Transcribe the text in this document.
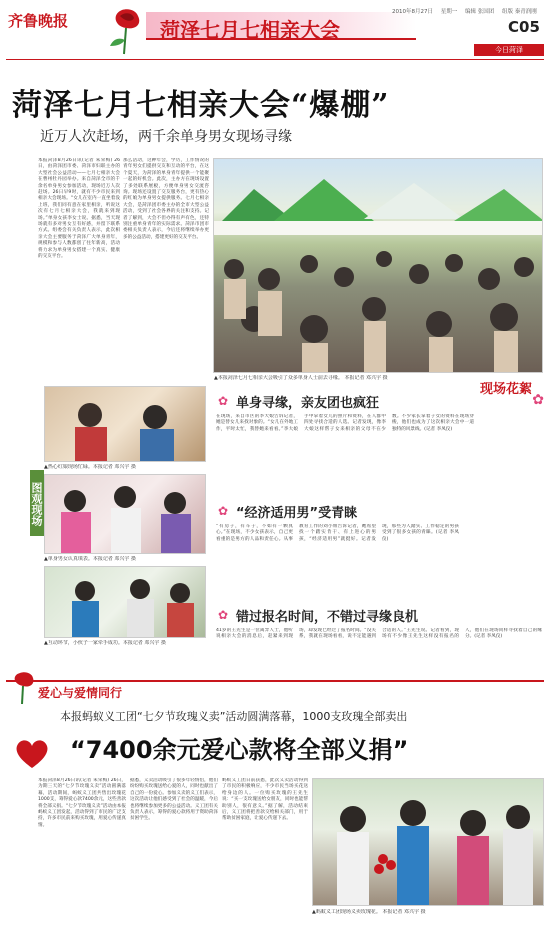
齐鲁晚报	菏泽七月七相亲大会
2010年8月27日 星期一 编辑 张国团 组版 秦青润刚
C05
今日菏泽
菏泽七月七相亲大会“爆棚”
近万人次赶场，两千余单身男女现场寻缘
本报菏泽8月26日讯(记者 朱荣梅) 26日，由菏泽团市委、菏泽市妇联主办的大型社会公益活动——七月七相亲大会在曹州牡丹园举办。来自菏泽全市的千余名单身男女参加活动，现场近万人次赶场。26日早9时，就有不少市民来到相亲大会现场。“女儿在室内一直坐着没上班，我们同有意在家里相亲，听说这次有七月七相亲大会，我就来到现场。”单身女孩李女士说。据悉，当天现场就有多对男女互有好感，并留下联系方式。组委会有关负责人表示，此次相亲大会主要服务于菏泽广大单身青年，规模和参与人数都创了往年新高，活动将力求为单身男女搭建一个真实、健康的交友平台。
那么活动，这种年会，学历，工作情况的青年男女们提供交友和互动的平台，在这个夏天，为菏泽的单身青年提供一个能聚一起的好机会。此次，主办方在现场设置了多处联系展板，方便单身男女交流咨询。现场还设置了交友服务台，更有热心的红娘为单身男女提供服务。七月七相亲大会，是菏泽团市委主办的全市大型公益活动，受到了社会各界的关注和支持。记者了解到，大会不但办得有声有色，还特别注重单身青年的实际需求。菏泽市团市委相关负责人表示，今后还将继续举办更多的公益活动，搭建更好的交友平台。
▲本报菏泽七月七相亲大会吸引了众多单身人士前去寻缘。 本报记者 邓兴宇 摄
▲热心红娘现场忙碌。本报记者 邓兴宇 摄
图观现场
▲单身男女认真填表。本报记者 邓兴宇 摄
▲互动环节，小伙子一家牵手成功。本报记者 邓兴宇 摄
现场花絮
✿
✿ 单身寻缘，亲友团也疯狂
在现场，来自市区的李大娘告诉记者，她是替女儿来找对象的。“女儿在外地工作，平时太忙，我替她来看看。”李大娘手中拿着女儿的照片和资料，在人群中四处寻找合适的人选。记者发现，像李大娘这样帮子女来相亲的父母不在少数。不少家长拿着子女的资料在现场穿梭，他们也成为了这次相亲大会中一道独特的风景线。(记者 李凤仪)
✿ “经济适用男”受青睐
“有房子，有车子，不如有一颗真心。”在现场，不少女孩表示，自己更看重的是男方的人品和责任心。从事教育工作的刘小姐告诉记者，她希望找一个踏实肯干、有上进心的男孩，“经济适用男”就挺好。记者发现，那些为人踏实、工作稳定的男孩受到了很多女孩的青睐。(记者 李凤仪)
✿ 错过报名时间，不错过寻缘良机
41岁的王先生是一位离异人士，他听说相亲大会的消息后，赶紧来到现场，却发现已经过了报名时间。“没关系，我就在现场看看，说不定能遇到合适的人。”王先生说。记者看到，现场有不少像王先生这样没有报名的人，他们在现场同样寻找着自己的缘分。(记者 李凤仪)
爱心与爱情同行
本报蚂蚁义工团“七夕节玫瑰义卖”活动圆满落幕，1000支玫瑰全部卖出
“7400余元爱心款将全部义捐”
本报菏泽8月26日讯(记者 朱荣梅) 26日，为期三天的“七夕节玫瑰义卖”活动圆满落幕，活动期间，蚂蚁义工团共售出玫瑰花1000支，筹得爱心款7400余元，这些善款将全部义捐。“七夕节玫瑰义卖”活动由本报蚂蚁义工团发起，活动得到了市民的广泛支持，许多市民前来购买玫瑰，用爱心传递真情。
据悉，义卖活动吸引了很多年轻情侣，他们纷纷购买玫瑰送给心爱的人，同时也献出了自己的一份爱心。参加义卖的义工们表示，这次活动让他们感受到了社会的温暖，今后也将继续参加更多的公益活动。义工团有关负责人表示，筹得的爱心款将用于资助菏泽贫困学生。
蚂蚁义工团日前获悉，此次义卖活动得到了市民的积极响应，不少市民当场买花送给身边的人。一位购买玫瑰的王先生说：“买一支玫瑰送给女朋友，同时也能帮助别人，很有意义。”据了解，活动结束后，义工团将把善款交给相关部门，用于帮助贫困家庭，让爱心传递下去。
▲蚂蚁义工团现场义卖玫瑰花。 本报记者 邓兴宇 摄
